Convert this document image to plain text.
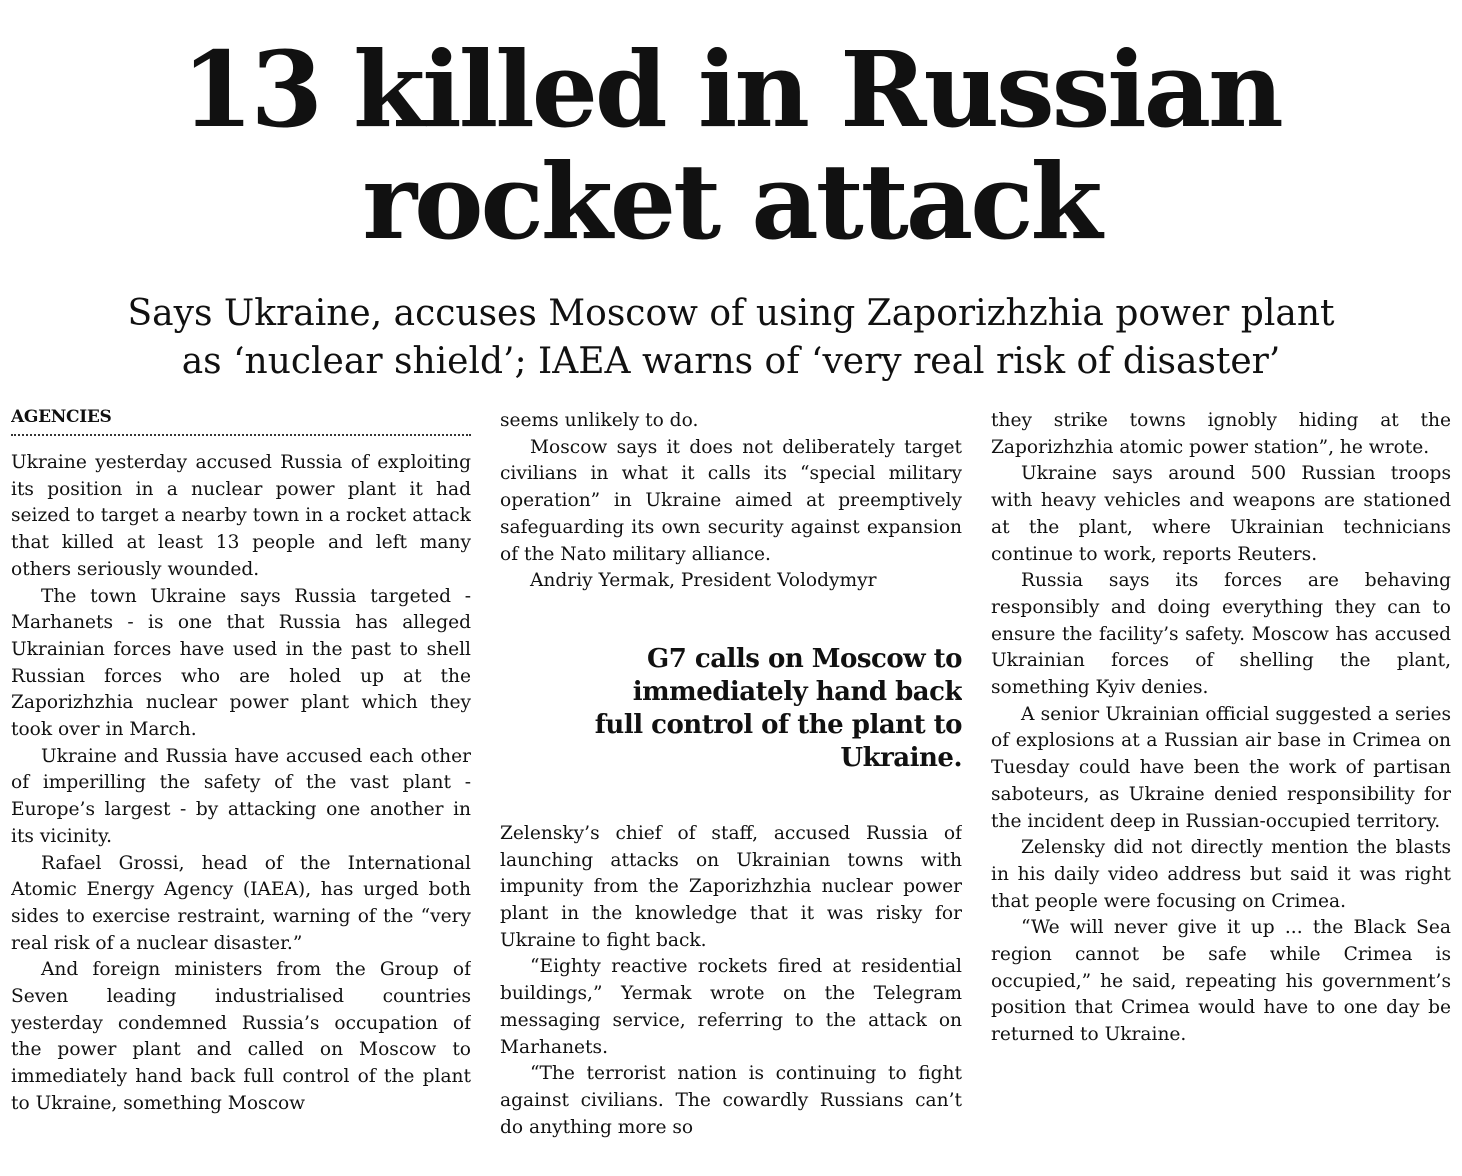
13 killed in Russian
rocket attack
Says Ukraine, accuses Moscow of using Zaporizhzhia power plant
as ‘nuclear shield’; IAEA warns of ‘very real risk of disaster’
AGENCIES

Ukraine yesterday accused Russia of exploiting its position in a nuclear power plant it had seized to target a nearby town in a rocket attack that killed at least 13 people and left many others seriously wounded.

The town Ukraine says Russia targeted - Marhanets - is one that Russia has alleged Ukrainian forces have used in the past to shell Russian forces who are holed up at the Zaporizhzhia nuclear power plant which they took over in March.

Ukraine and Russia have accused each other of imperilling the safety of the vast plant - Europe’s largest - by attacking one another in its vicinity.

Rafael Grossi, head of the International Atomic Energy Agency (IAEA), has urged both sides to exercise restraint, warning of the “very real risk of a nuclear disaster.”

And foreign ministers from the Group of Seven leading industrialised countries yesterday condemned Russia’s occupation of the power plant and called on Moscow to immediately hand back full control of the plant to Ukraine, something Moscow

seems unlikely to do.

Moscow says it does not deliberately target civilians in what it calls its “special military operation” in Ukraine aimed at preemptively safeguarding its own security against expansion of the Nato military alliance.

Andriy Yermak, President Volodymyr

G7 calls on Moscow to
immediately hand back
full control of the plant to
Ukraine.

Zelensky’s chief of staff, accused Russia of launching attacks on Ukrainian towns with impunity from the Zaporizhzhia nuclear power plant in the knowledge that it was risky for Ukraine to fight back.

“Eighty reactive rockets fired at residential buildings,” Yermak wrote on the Telegram messaging service, referring to the attack on Marhanets.

“The terrorist nation is continuing to fight against civilians. The cowardly Russians can’t do anything more so

they strike towns ignobly hiding at the Zaporizhzhia atomic power station”, he wrote.

Ukraine says around 500 Russian troops with heavy vehicles and weapons are stationed at the plant, where Ukrainian technicians continue to work, reports Reuters.

Russia says its forces are behaving responsibly and doing everything they can to ensure the facility’s safety. Moscow has accused Ukrainian forces of shelling the plant, something Kyiv denies.

A senior Ukrainian official suggested a series of explosions at a Russian air base in Crimea on Tuesday could have been the work of partisan saboteurs, as Ukraine denied responsibility for the incident deep in Russian-occupied territory.

Zelensky did not directly mention the blasts in his daily video address but said it was right that people were focusing on Crimea.

“We will never give it up ... the Black Sea region cannot be safe while Crimea is occupied,” he said, repeating his government’s position that Crimea would have to one day be returned to Ukraine.
